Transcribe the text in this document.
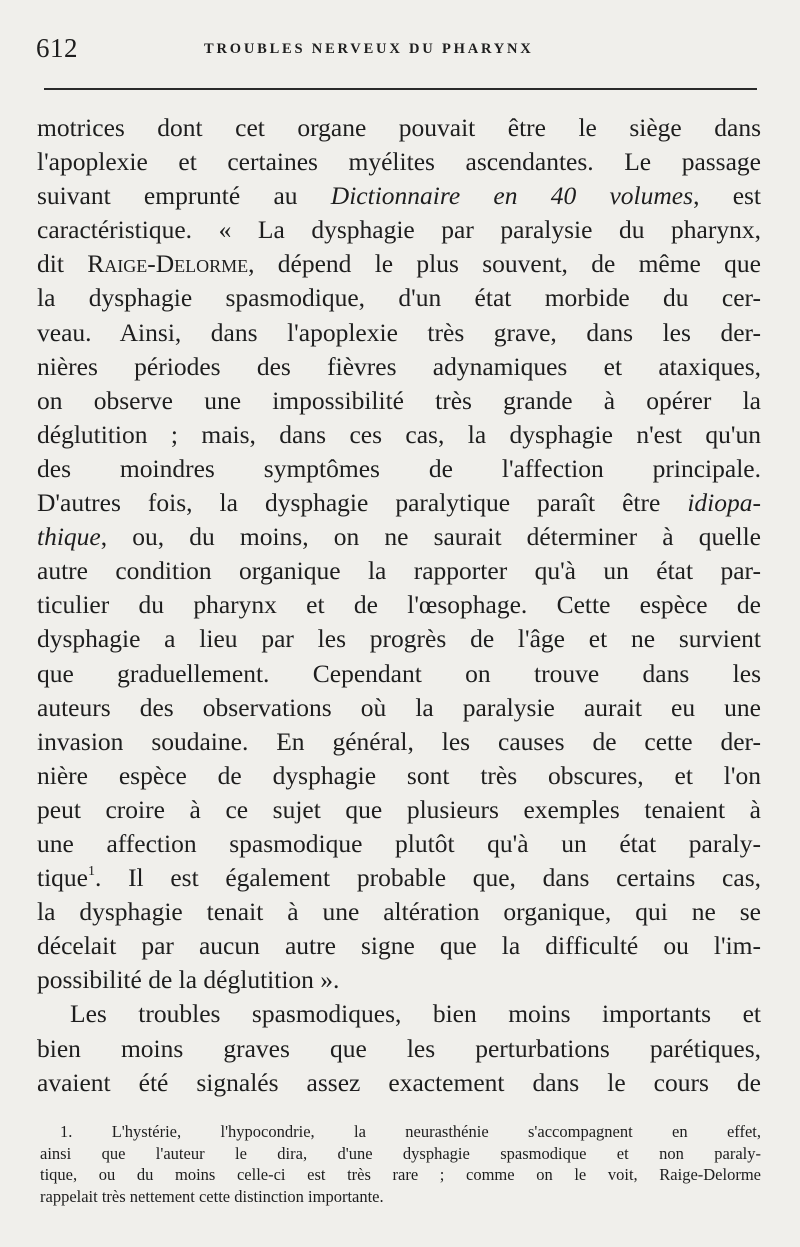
612	TROUBLES NERVEUX DU PHARYNX
motrices dont cet organe pouvait être le siège dans
l'apoplexie et certaines myélites ascendantes. Le passage
suivant emprunté au Dictionnaire en 40 volumes, est
caractéristique. « La dysphagie par paralysie du pharynx,
dit Raige-Delorme, dépend le plus souvent, de même que
la dysphagie spasmodique, d'un état morbide du cer-
veau. Ainsi, dans l'apoplexie très grave, dans les der-
nières périodes des fièvres adynamiques et ataxiques,
on observe une impossibilité très grande à opérer la
déglutition ; mais, dans ces cas, la dysphagie n'est qu'un
des moindres symptômes de l'affection principale.
D'autres fois, la dysphagie paralytique paraît être idiopa-
thique, ou, du moins, on ne saurait déterminer à quelle
autre condition organique la rapporter qu'à un état par-
ticulier du pharynx et de l'œsophage. Cette espèce de
dysphagie a lieu par les progrès de l'âge et ne survient
que graduellement. Cependant on trouve dans les
auteurs des observations où la paralysie aurait eu une
invasion soudaine. En général, les causes de cette der-
nière espèce de dysphagie sont très obscures, et l'on
peut croire à ce sujet que plusieurs exemples tenaient à
une affection spasmodique plutôt qu'à un état paraly-
tique$^1$. Il est également probable que, dans certains cas,
la dysphagie tenait à une altération organique, qui ne se
décelait par aucun autre signe que la difficulté ou l'im-
possibilité de la déglutition ».
Les troubles spasmodiques, bien moins importants et
bien moins graves que les perturbations parétiques,
avaient été signalés assez exactement dans le cours de
1. L'hystérie, l'hypocondrie, la neurasthénie s'accompagnent en effet,
ainsi que l'auteur le dira, d'une dysphagie spasmodique et non paraly-
tique, ou du moins celle-ci est très rare ; comme on le voit, Raige-Delorme
rappelait très nettement cette distinction importante.
